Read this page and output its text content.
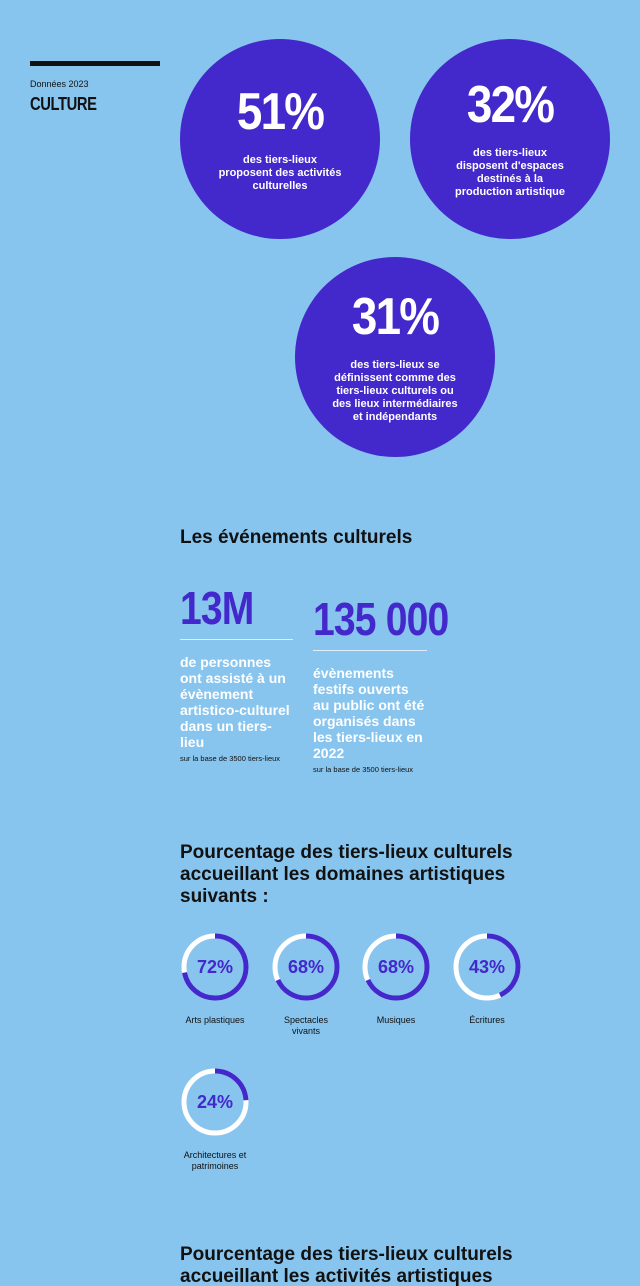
Données 2023
CULTURE	51%
des tiers-lieux proposent des activités culturelles
32%
des tiers-lieux disposent d'espaces destinés à la production artistique
31%
des tiers-lieux se définissent comme des tiers-lieux culturels ou des lieux intermédiaires et indépendants
Les événements culturels
13M
de personnes ont assisté à un évènement artistico-culturel dans un tiers-lieu
sur la base de 3500 tiers-lieux
135 000
évènements festifs ouverts au public ont été organisés dans les tiers-lieux en 2022
sur la base de 3500 tiers-lieux
Pourcentage des tiers-lieux culturels accueillant les domaines artistiques suivants :
72%
Arts plastiques
68%
Spectacles vivants
68%
Musiques
43%
Écritures
24%
Architectures et patrimoines
Pourcentage des tiers-lieux culturels accueillant les activités artistiques
